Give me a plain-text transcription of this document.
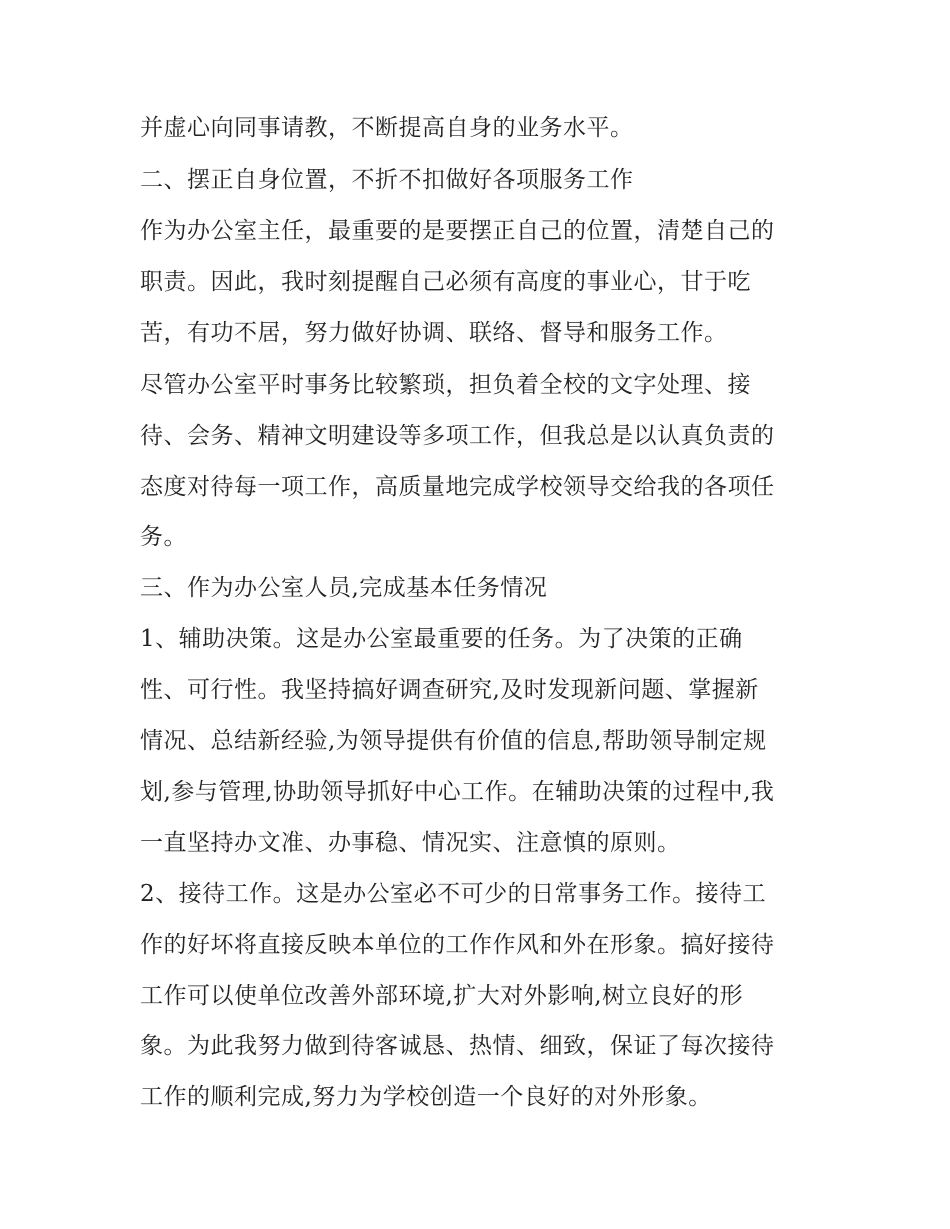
并虚心向同事请教，不断提高自身的业务水平。
二、摆正自身位置，不折不扣做好各项服务工作
作为办公室主任，最重要的是要摆正自己的位置，清楚自己的
职责。因此，我时刻提醒自己必须有高度的事业心，甘于吃
苦，有功不居，努力做好协调、联络、督导和服务工作。
尽管办公室平时事务比较繁琐，担负着全校的文字处理、接
待、会务、精神文明建设等多项工作，但我总是以认真负责的
态度对待每一项工作，高质量地完成学校领导交给我的各项任
务。
三、作为办公室人员,完成基本任务情况
1、辅助决策。这是办公室最重要的任务。为了决策的正确
性、可行性。我坚持搞好调查研究,及时发现新问题、掌握新
情况、总结新经验,为领导提供有价值的信息,帮助领导制定规
划,参与管理,协助领导抓好中心工作。在辅助决策的过程中,我
一直坚持办文准、办事稳、情况实、注意慎的原则。
2、接待工作。这是办公室必不可少的日常事务工作。接待工
作的好坏将直接反映本单位的工作作风和外在形象。搞好接待
工作可以使单位改善外部环境,扩大对外影响,树立良好的形
象。为此我努力做到待客诚恳、热情、细致，保证了每次接待
工作的顺利完成,努力为学校创造一个良好的对外形象。
